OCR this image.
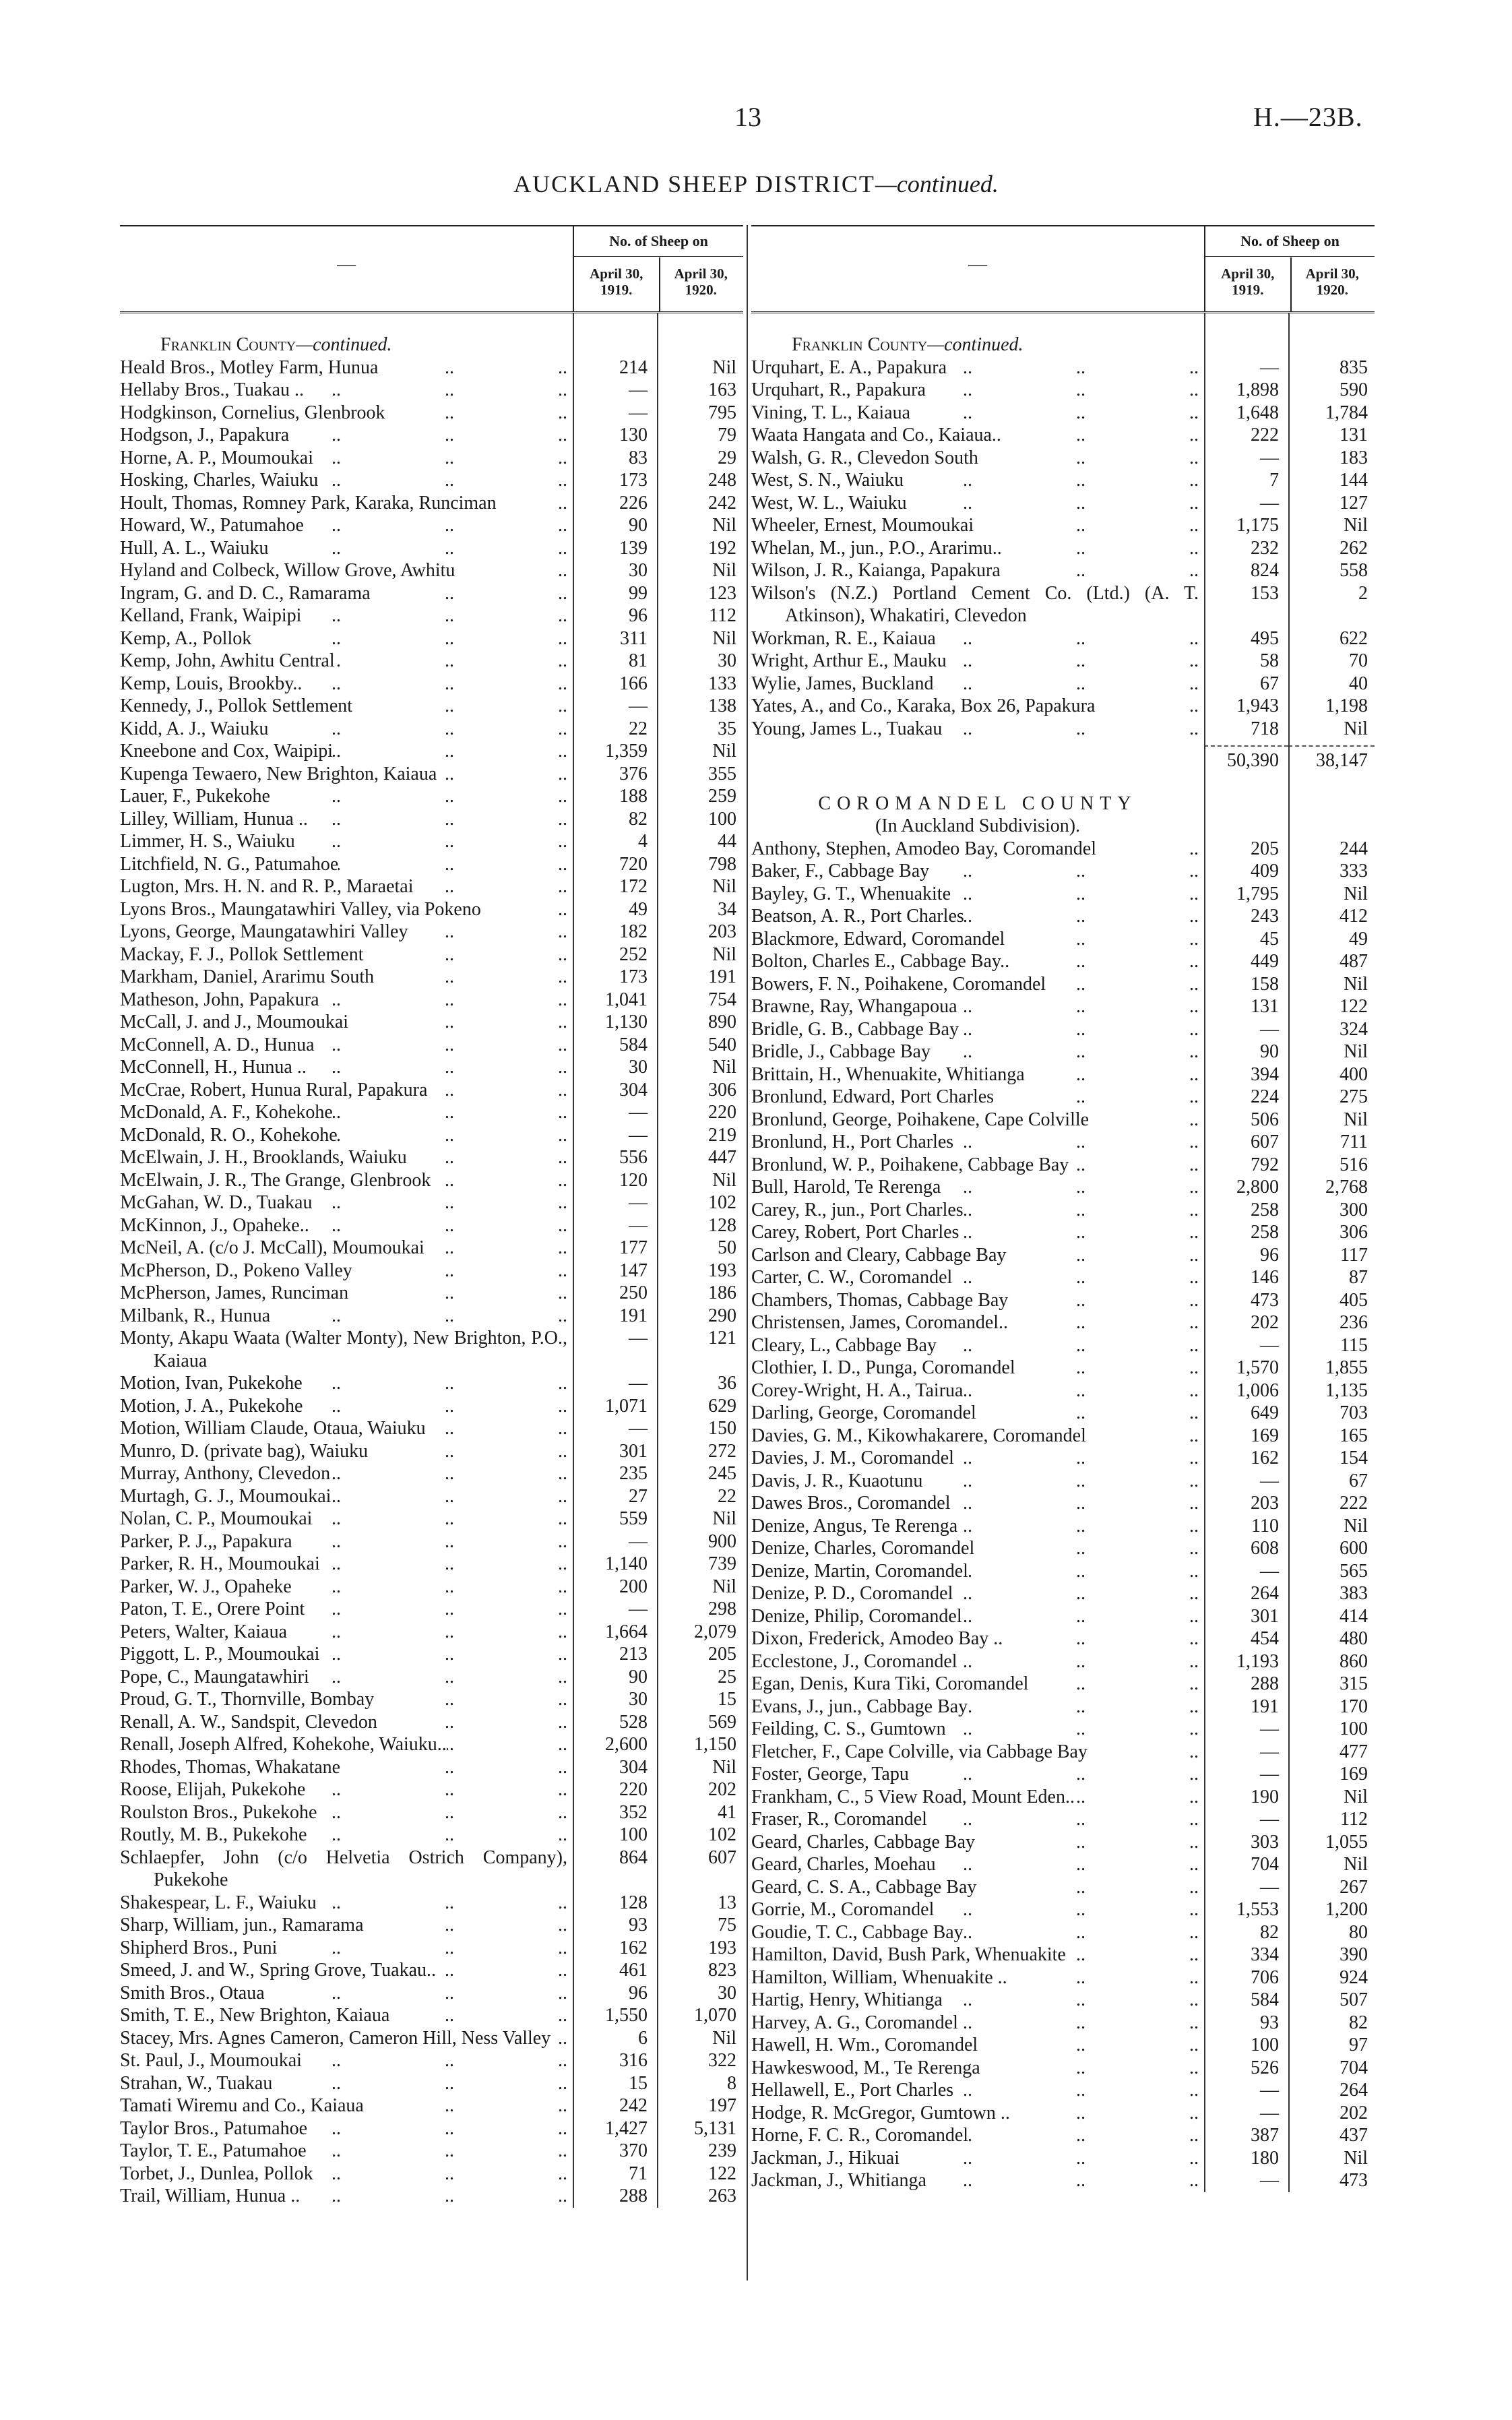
13	H.—23B.
AUCKLAND SHEEP DISTRICT—continued.
—
No. of Sheep on
April 30, 1919.
April 30, 1920.
Franklin County—continued.
Heald Bros., Motley Farm, Hunua ..	214	Nil
Hellaby Bros., Tuakau .. ..	—	163
Hodgkinson, Cornelius, Glenbrook ..	—	795
Hodgson, J., Papakura ..	130	79
Horne, A. P., Moumoukai ..	83	29
Hosking, Charles, Waiuku ..	173	248
Hoult, Thomas, Romney Park, Karaka, Runciman ..	226	242
Howard, W., Patumahoe ..	90	Nil
Hull, A. L., Waiuku ..	139	192
Hyland and Colbeck, Willow Grove, Awhitu ..	30	Nil
Ingram, G. and D. C., Ramarama ..	99	123
Kelland, Frank, Waipipi ..	96	112
Kemp, A., Pollok ..	311	Nil
Kemp, John, Awhitu Central ..	81	30
Kemp, Louis, Brookby.. ..	166	133
Kennedy, J., Pollok Settlement ..	—	138
Kidd, A. J., Waiuku ..	22	35
Kneebone and Cox, Waipipi ..	1,359	Nil
Kupenga Tewaero, New Brighton, Kaiaua ..	376	355
Lauer, F., Pukekohe ..	188	259
Lilley, William, Hunua .. ..	82	100
Limmer, H. S., Waiuku ..	4	44
Litchfield, N. G., Patumahoe ..	720	798
Lugton, Mrs. H. N. and R. P., Maraetai ..	172	Nil
Lyons Bros., Maungatawhiri Valley, via Pokeno ..	49	34
Lyons, George, Maungatawhiri Valley ..	182	203
Mackay, F. J., Pollok Settlement ..	252	Nil
Markham, Daniel, Ararimu South ..	173	191
Matheson, John, Papakura ..	1,041	754
McCall, J. and J., Moumoukai ..	1,130	890
McConnell, A. D., Hunua ..	584	540
McConnell, H., Hunua .. ..	30	Nil
McCrae, Robert, Hunua Rural, Papakura ..	304	306
McDonald, A. F., Kohekohe ..	—	220
McDonald, R. O., Kohekohe ..	—	219
McElwain, J. H., Brooklands, Waiuku ..	556	447
McElwain, J. R., The Grange, Glenbrook ..	120	Nil
McGahan, W. D., Tuakau ..	—	102
McKinnon, J., Opaheke.. ..	—	128
McNeil, A. (c/o J. McCall), Moumoukai ..	177	50
McPherson, D., Pokeno Valley ..	147	193
McPherson, James, Runciman ..	250	186
Milbank, R., Hunua ..	191	290
Monty, Akapu Waata (Walter Monty), New Brighton, P.O., Kaiaua
—	121
Motion, Ivan, Pukekohe ..	—	36
Motion, J. A., Pukekohe ..	1,071	629
Motion, William Claude, Otaua, Waiuku ..	—	150
Munro, D. (private bag), Waiuku ..	301	272
Murray, Anthony, Clevedon ..	235	245
Murtagh, G. J., Moumoukai ..	27	22
Nolan, C. P., Moumoukai ..	559	Nil
Parker, P. J.,, Papakura ..	—	900
Parker, R. H., Moumoukai ..	1,140	739
Parker, W. J., Opaheke ..	200	Nil
Paton, T. E., Orere Point ..	—	298
Peters, Walter, Kaiaua ..	1,664	2,079
Piggott, L. P., Moumoukai ..	213	205
Pope, C., Maungatawhiri ..	90	25
Proud, G. T., Thornville, Bombay ..	30	15
Renall, A. W., Sandspit, Clevedon ..	528	569
Renall, Joseph Alfred, Kohekohe, Waiuku.. ..	2,600	1,150
Rhodes, Thomas, Whakatane ..	304	Nil
Roose, Elijah, Pukekohe ..	220	202
Roulston Bros., Pukekohe ..	352	41
Routly, M. B., Pukekohe ..	100	102
Schlaepfer, John (c/o Helvetia Ostrich Company), Pukekohe
864	607
Shakespear, L. F., Waiuku ..	128	13
Sharp, William, jun., Ramarama ..	93	75
Shipherd Bros., Puni ..	162	193
Smeed, J. and W., Spring Grove, Tuakau.. ..	461	823
Smith Bros., Otaua ..	96	30
Smith, T. E., New Brighton, Kaiaua ..	1,550	1,070
Stacey, Mrs. Agnes Cameron, Cameron Hill, Ness Valley ..	6	Nil
St. Paul, J., Moumoukai ..	316	322
Strahan, W., Tuakau ..	15	8
Tamati Wiremu and Co., Kaiaua ..	242	197
Taylor Bros., Patumahoe ..	1,427	5,131
Taylor, T. E., Patumahoe ..	370	239
Torbet, J., Dunlea, Pollok ..	71	122
Trail, William, Hunua .. ..	288	263
—
No. of Sheep on
April 30, 1919.
April 30, 1920.
Franklin County—continued.
Urquhart, E. A., Papakura ..	—	835
Urquhart, R., Papakura ..	1,898	590
Vining, T. L., Kaiaua ..	1,648	1,784
Waata Hangata and Co., Kaiaua.. ..	222	131
Walsh, G. R., Clevedon South ..	—	183
West, S. N., Waiuku ..	7	144
West, W. L., Waiuku ..	—	127
Wheeler, Ernest, Moumoukai ..	1,175	Nil
Whelan, M., jun., P.O., Ararimu.. ..	232	262
Wilson, J. R., Kaianga, Papakura ..	824	558
Wilson's (N.Z.) Portland Cement Co. (Ltd.) (A. T. Atkinson), Whakatiri, Clevedon
153	2
Workman, R. E., Kaiaua ..	495	622
Wright, Arthur E., Mauku ..	58	70
Wylie, James, Buckland ..	67	40
Yates, A., and Co., Karaka, Box 26, Papakura ..	1,943	1,198
Young, James L., Tuakau ..	718	Nil
50,390	38,147
COROMANDEL COUNTY
(In Auckland Subdivision).
Anthony, Stephen, Amodeo Bay, Coromandel ..	205	244
Baker, F., Cabbage Bay ..	409	333
Bayley, G. T., Whenuakite ..	1,795	Nil
Beatson, A. R., Port Charles ..	243	412
Blackmore, Edward, Coromandel ..	45	49
Bolton, Charles E., Cabbage Bay.. ..	449	487
Bowers, F. N., Poihakene, Coromandel ..	158	Nil
Brawne, Ray, Whangapoua ..	131	122
Bridle, G. B., Cabbage Bay ..	—	324
Bridle, J., Cabbage Bay ..	90	Nil
Brittain, H., Whenuakite, Whitianga ..	394	400
Bronlund, Edward, Port Charles ..	224	275
Bronlund, George, Poihakene, Cape Colville ..	506	Nil
Bronlund, H., Port Charles ..	607	711
Bronlund, W. P., Poihakene, Cabbage Bay ..	792	516
Bull, Harold, Te Rerenga ..	2,800	2,768
Carey, R., jun., Port Charles ..	258	300
Carey, Robert, Port Charles ..	258	306
Carlson and Cleary, Cabbage Bay ..	96	117
Carter, C. W., Coromandel ..	146	87
Chambers, Thomas, Cabbage Bay ..	473	405
Christensen, James, Coromandel.. ..	202	236
Cleary, L., Cabbage Bay ..	—	115
Clothier, I. D., Punga, Coromandel ..	1,570	1,855
Corey-Wright, H. A., Tairua ..	1,006	1,135
Darling, George, Coromandel ..	649	703
Davies, G. M., Kikowhakarere, Coromandel ..	169	165
Davies, J. M., Coromandel ..	162	154
Davis, J. R., Kuaotunu ..	—	67
Dawes Bros., Coromandel ..	203	222
Denize, Angus, Te Rerenga ..	110	Nil
Denize, Charles, Coromandel ..	608	600
Denize, Martin, Coromandel ..	—	565
Denize, P. D., Coromandel ..	264	383
Denize, Philip, Coromandel ..	301	414
Dixon, Frederick, Amodeo Bay .. ..	454	480
Ecclestone, J., Coromandel ..	1,193	860
Egan, Denis, Kura Tiki, Coromandel ..	288	315
Evans, J., jun., Cabbage Bay ..	191	170
Feilding, C. S., Gumtown ..	—	100
Fletcher, F., Cape Colville, via Cabbage Bay ..	—	477
Foster, George, Tapu ..	—	169
Frankham, C., 5 View Road, Mount Eden.. ..	190	Nil
Fraser, R., Coromandel ..	—	112
Geard, Charles, Cabbage Bay ..	303	1,055
Geard, Charles, Moehau ..	704	Nil
Geard, C. S. A., Cabbage Bay ..	—	267
Gorrie, M., Coromandel ..	1,553	1,200
Goudie, T. C., Cabbage Bay ..	82	80
Hamilton, David, Bush Park, Whenuakite ..	334	390
Hamilton, William, Whenuakite .. ..	706	924
Hartig, Henry, Whitianga ..	584	507
Harvey, A. G., Coromandel ..	93	82
Hawell, H. Wm., Coromandel ..	100	97
Hawkeswood, M., Te Rerenga ..	526	704
Hellawell, E., Port Charles ..	—	264
Hodge, R. McGregor, Gumtown .. ..	—	202
Horne, F. C. R., Coromandel ..	387	437
Jackman, J., Hikuai ..	180	Nil
Jackman, J., Whitianga ..	—	473
